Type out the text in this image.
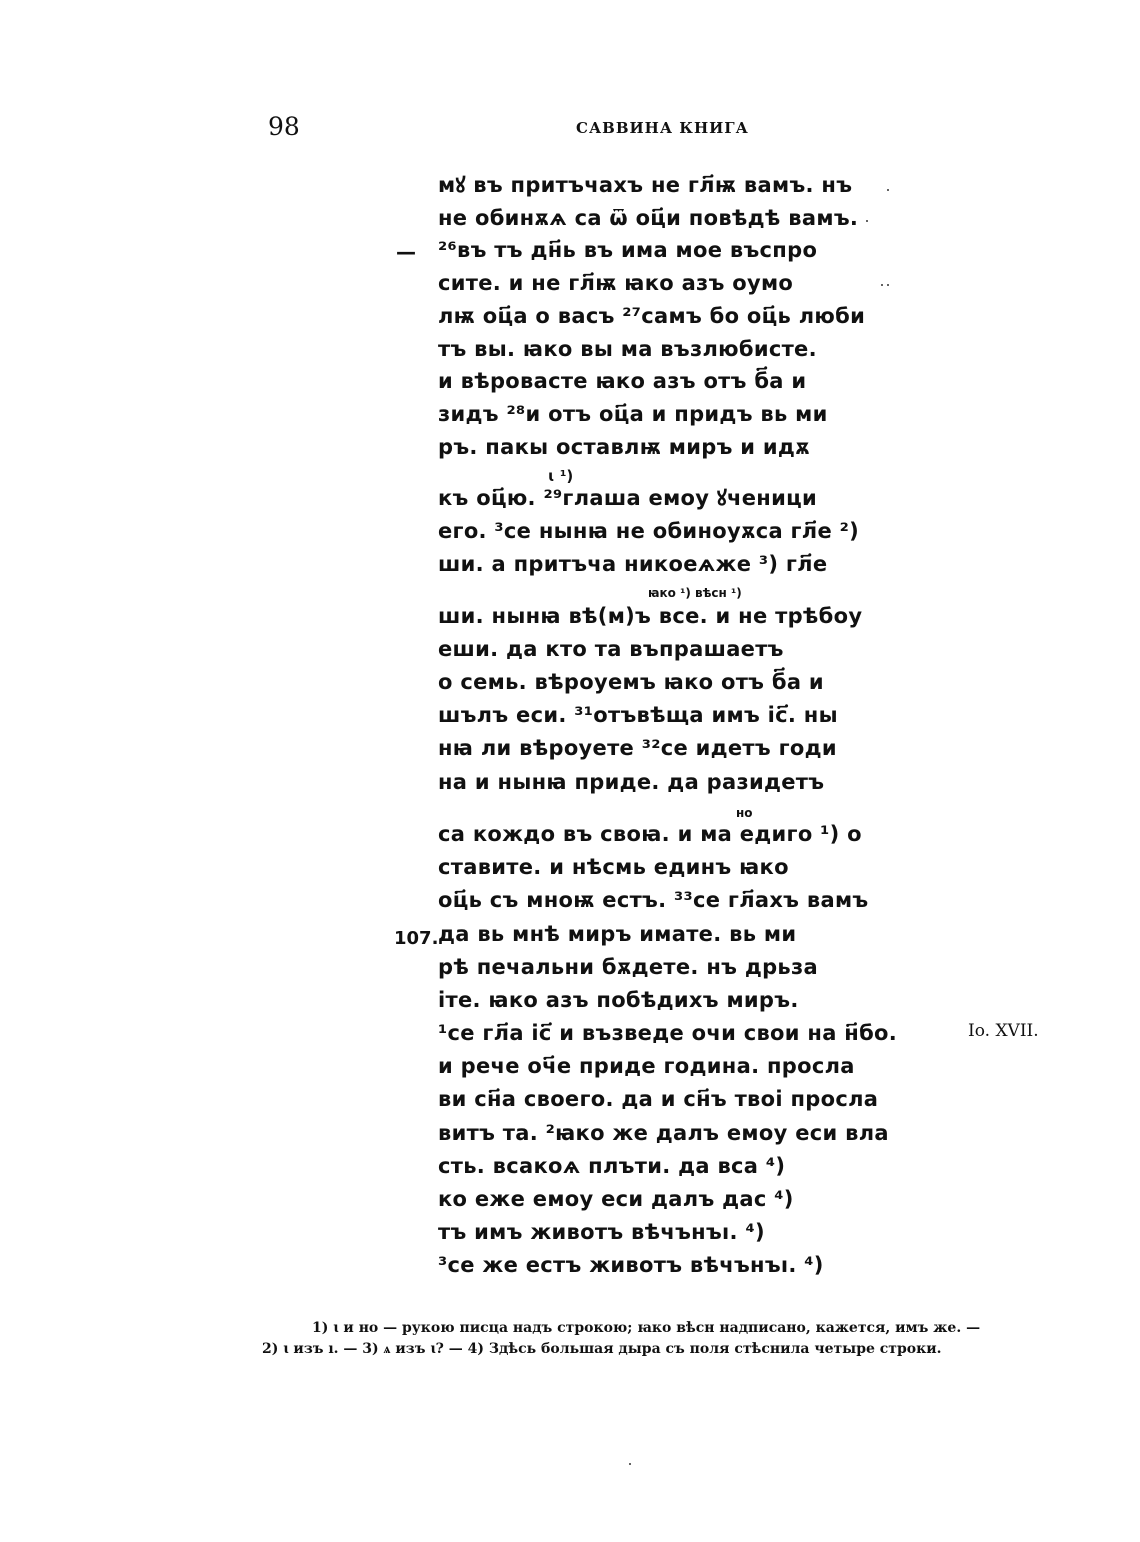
98	САВВИНА КНИГА
мꙋ въ притъчахъ не гл҃ѭ вамъ. нъ
не обинѫѧ са ѿ оц҃и повѣдѣ вамъ.
²⁶въ тъ дн҃ь въ има мое въспро
сите. и не гл҃ѭ ꙗко азъ оумо
лѭ оц҃а о васъ ²⁷самъ бо оц҃ь люби
тъ вы. ꙗко вы ма възлюбисте.
и вѣровасте ꙗко азъ отъ б҃а и
зидъ ²⁸и отъ оц҃а и придъ вь ми
ръ. пакы оставлѭ миръ и идѫ
къ оц҃ю. ²⁹глаша емоу ꙋченици
его. ³се нынꙗ не обиноуѫса гл҃е ²)
ши. а притъча никоеѧже ³) гл҃е
ши. нынꙗ вѣ(м)ъ все. и не трѣбоу
еши. да кто та въпрашаетъ
о семь. вѣроуемъ ꙗко отъ б҃а и
шълъ еси. ³¹отъвѣща имъ іс҃. ны
нꙗ ли вѣроуете ³²се идетъ годи
на и нынꙗ приде. да разидетъ
са кождо въ своꙗ. и ма едиго ¹) о
ставите. и нѣсмь единъ ꙗко
оц҃ь съ мноѭ естъ. ³³се гл҃ахъ вамъ
да вь мнѣ миръ имате. вь ми
рѣ печальни бѫдете. нъ дрьза
іте. ꙗко азъ побѣдихъ миръ.
¹се гл҃а іс҃ и възведе очи свои на н҃бо.
и рече оч҃е приде година. просла
ви сн҃а своего. да и сн҃ъ твоі просла
витъ та. ²ꙗко же далъ емоу еси вла
сть. всакоѧ плъти. да вса ⁴)
ко еже емоу еси далъ дас ⁴)
тъ имъ животъ вѣчънъı. ⁴)
³се же естъ животъ вѣчънъı. ⁴)
ꙇ ¹)
ꙗко ¹) вѣсн ¹)
но
—
107.
Io. XVII.
1) ꙇ и но — рукою писца надъ строкою; ꙗко вѣсн надписано, кажется, имъ же. —
2) ꙇ изъ ı. — 3) ѧ изъ ꙇ? — 4) Здѣсь большая дыра съ поля стѣснила четыре строки.
